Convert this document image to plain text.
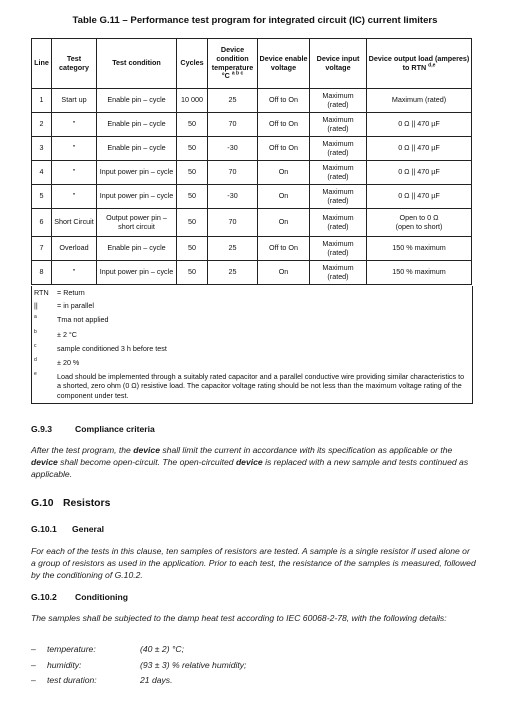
Table G.11 – Performance test program for integrated circuit (IC) current limiters
Line	Test category	Test condition	Cycles	Device condition temperature
°C $^{a b c}$	Device enable voltage	Device input voltage	Device output load (amperes) to RTN $^{d,e}$
1	Start up	Enable pin – cycle	10 000	25	Off to On	Maximum (rated)	Maximum (rated)
2	"	Enable pin – cycle	50	70	Off to On	Maximum (rated)	0 Ω || 470 µF
3	"	Enable pin – cycle	50	-30	Off to On	Maximum (rated)	0 Ω || 470 µF
4	"	Input power pin – cycle	50	70	On	Maximum (rated)	0 Ω || 470 µF
5	"	Input power pin – cycle	50	-30	On	Maximum (rated)	0 Ω || 470 µF
6	Short Circuit	Output power pin – short circuit	50	70	On	Maximum (rated)	Open to 0 Ω
(open to short)
7	Overload	Enable pin – cycle	50	25	Off to On	Maximum (rated)	150 % maximum
8	"	Input power pin – cycle	50	25	On	Maximum (rated)	150 % maximum
RTN = Return
||	= in parallel
a	Tma not applied
b	± 2 °C
c	sample conditioned 3 h before test
d	± 20 %
e	Load should be implemented through a suitably rated capacitor and a parallel conductive wire providing similar characteristics to a shorted, zero ohm (0 Ω) resistive load. The capacitor voltage rating should be not less than the maximum voltage rating of the component under test.
G.9.3	Compliance criteria
After the test program, the device shall limit the current in accordance with its specification as applicable or the device shall become open-circuit. The open-circuited device is replaced with a new sample and tests continued as applicable.
G.10 Resistors
G.10.1 General
For each of the tests in this clause, ten samples of resistors are tested. A sample is a single resistor if used alone or a group of resistors as used in the application. Prior to each test, the resistance of the samples is measured, followed by the conditioning of G.10.2.
G.10.2 Conditioning
The samples shall be subjected to the damp heat test according to IEC 60068-2-78, with the following details:
– temperature:	(40 ± 2) °C;
– humidity:	(93 ± 3) % relative humidity;
– test duration:	21 days.
